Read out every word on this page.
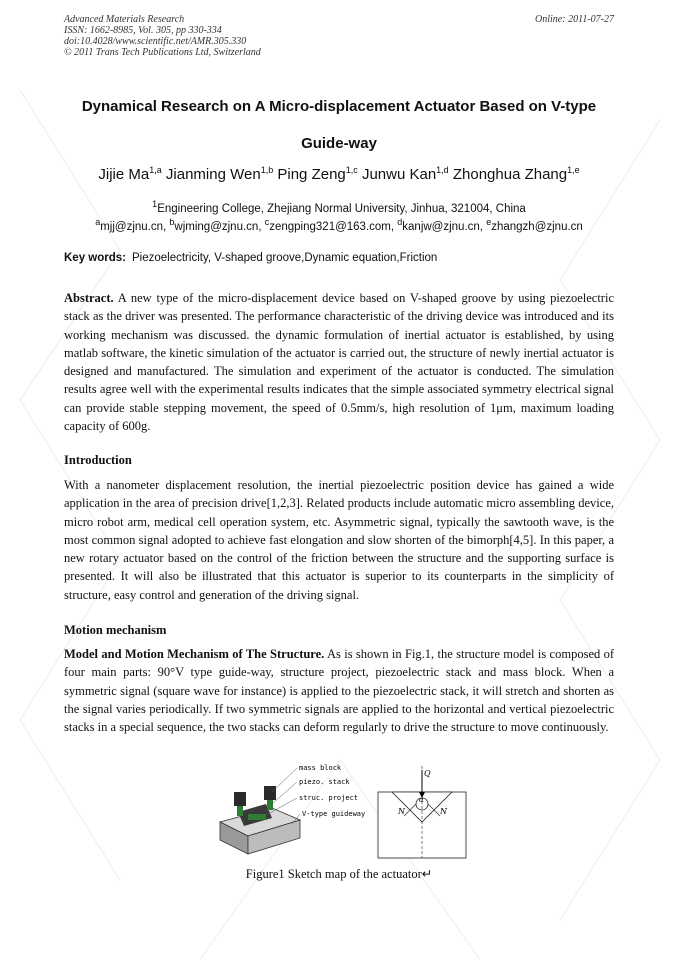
Advanced Materials Research
ISSN: 1662-8985, Vol. 305, pp 330-334
doi:10.4028/www.scientific.net/AMR.305.330
© 2011 Trans Tech Publications Ltd, Switzerland
Online: 2011-07-27
Dynamical Research on A Micro-displacement Actuator Based on V-type
Guide-way
Jijie Ma$^{1,a}$ Jianming Wen$^{1,b}$ Ping Zeng$^{1,c}$ Junwu Kan$^{1,d}$ Zhonghua Zhang$^{1,e}$
$^1$Engineering College, Zhejiang Normal University, Jinhua, 321004, China
$^a$mjj@zjnu.cn, $^b$wjming@zjnu.cn, $^c$zengping321@163.com, $^d$kanjw@zjnu.cn, $^e$zhangzh@zjnu.cn
Key words: Piezoelectricity, V-shaped groove,Dynamic equation,Friction
Abstract. A new type of the micro-displacement device based on V-shaped groove by using piezoelectric stack as the driver was presented. The performance characteristic of the driving device was introduced and its working mechanism was discussed. the dynamic formulation of inertial actuator is established, by using matlab software, the kinetic simulation of the actuator is carried out, the structure of newly inertial actuator is designed and manufactured. The simulation and experiment of the actuator is conducted. The simulation results agree well with the experimental results indicates that the simple associated symmetry electrical signal can provide stable stepping movement, the speed of 0.5mm/s, high resolution of 1μm, maximum loading capacity of 600g.
Introduction
With a nanometer displacement resolution, the inertial piezoelectric position device has gained a wide application in the area of precision drive[1,2,3]. Related products include automatic micro assembling device, micro robot arm, medical cell operation system, etc. Asymmetric signal, typically the sawtooth wave, is the most common signal adopted to achieve fast elongation and slow shorten of the bimorph[4,5]. In this paper, a new rotary actuator based on the control of the friction between the structure and the supporting surface is presented. It will also be illustrated that this actuator is superior to its counterparts in the simplicity of structure, easy control and generation of the driving signal.
Motion mechanism
Model and Motion Mechanism of The Structure. As is shown in Fig.1, the structure model is composed of four main parts: 90°V type guide-way, structure project, piezoelectric stack and mass block. When a symmetric signal (square wave for instance) is applied to the piezoelectric stack, it will stretch and shorten as the signal varies periodically. If two symmetric signals are applied to the horizontal and vertical piezoelectric stacks in a special sequence, the two stacks can deform regularly to drive the structure to move continuously.
mass block
piezo. stack
struc. project
V-type guideway
Q
N
α
N
Figure1 Sketch map of the actuator↵
